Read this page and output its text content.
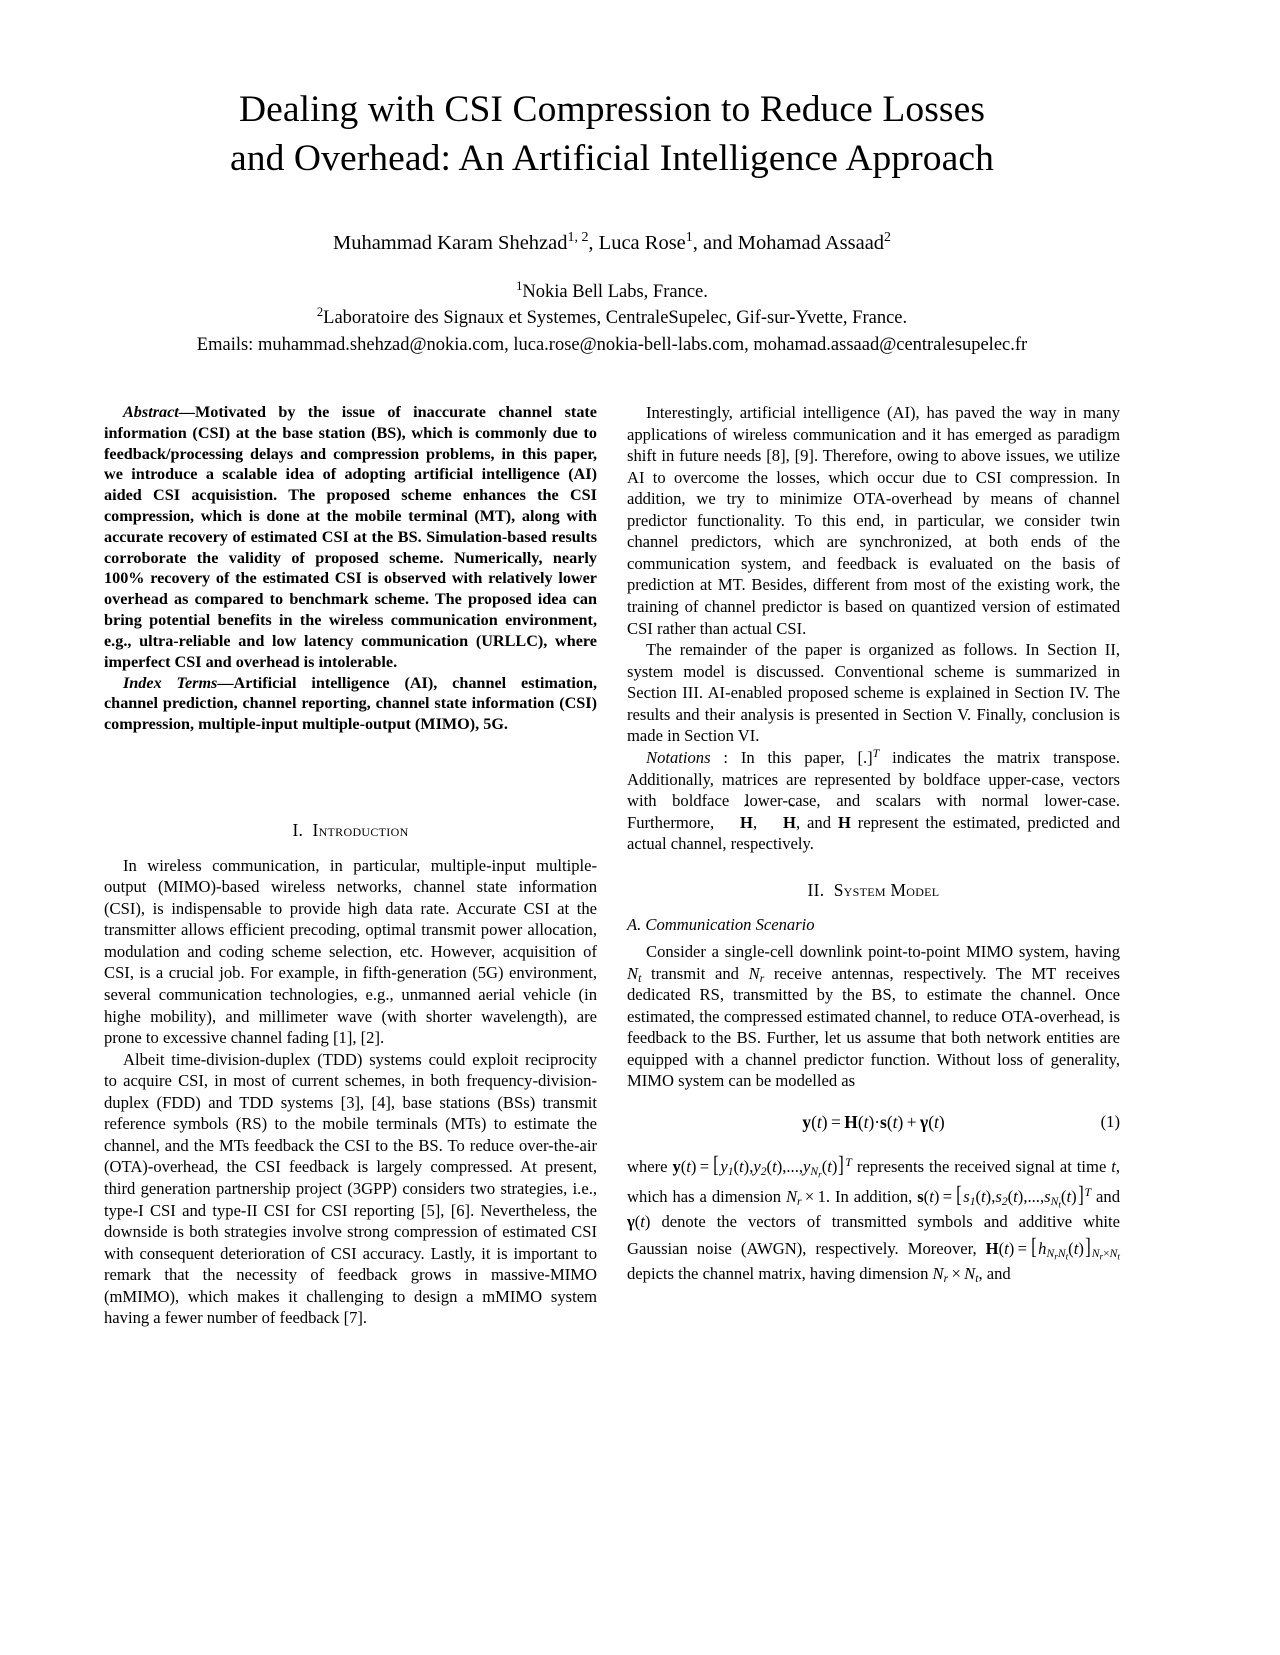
Dealing with CSI Compression to Reduce Losses
and Overhead: An Artificial Intelligence Approach
Muhammad Karam Shehzad$^{1, 2}$, Luca Rose$^1$, and Mohamad Assaad$^2$
$^1$Nokia Bell Labs, France.
$^2$Laboratoire des Signaux et Systemes, CentraleSupelec, Gif-sur-Yvette, France.
Emails: muhammad.shehzad@nokia.com, luca.rose@nokia-bell-labs.com, mohamad.assaad@centralesupelec.fr

Abstract—Motivated by the issue of inaccurate channel state information (CSI) at the base station (BS), which is commonly due to feedback/processing delays and compression problems, in this paper, we introduce a scalable idea of adopting artificial intelligence (AI) aided CSI acquisistion. The proposed scheme enhances the CSI compression, which is done at the mobile terminal (MT), along with accurate recovery of estimated CSI at the BS. Simulation-based results corroborate the validity of proposed scheme. Numerically, nearly 100% recovery of the estimated CSI is observed with relatively lower overhead as compared to benchmark scheme. The proposed idea can bring potential benefits in the wireless communication environment, e.g., ultra-reliable and low latency communication (URLLC), where imperfect CSI and overhead is intolerable.

Index Terms—Artificial intelligence (AI), channel estimation, channel prediction, channel reporting, channel state information (CSI) compression, multiple-input multiple-output (MIMO), 5G.

I. Introduction

In wireless communication, in particular, multiple-input multiple-output (MIMO)-based wireless networks, channel state information (CSI), is indispensable to provide high data rate. Accurate CSI at the transmitter allows efficient precoding, optimal transmit power allocation, modulation and coding scheme selection, etc. However, acquisition of CSI, is a crucial job. For example, in fifth-generation (5G) environment, several communication technologies, e.g., unmanned aerial vehicle (in highe mobility), and millimeter wave (with shorter wavelength), are prone to excessive channel fading [1], [2].

Albeit time-division-duplex (TDD) systems could exploit reciprocity to acquire CSI, in most of current schemes, in both frequency-division-duplex (FDD) and TDD systems [3], [4], base stations (BSs) transmit reference symbols (RS) to the mobile terminals (MTs) to estimate the channel, and the MTs feedback the CSI to the BS. To reduce over-the-air (OTA)-overhead, the CSI feedback is largely compressed. At present, third generation partnership project (3GPP) considers two strategies, i.e., type-I CSI and type-II CSI for CSI reporting [5], [6]. Nevertheless, the downside is both strategies involve strong compression of estimated CSI with consequent deterioration of CSI accuracy. Lastly, it is important to remark that the necessity of feedback grows in massive-MIMO (mMIMO), which makes it challenging to design a mMIMO system having a fewer number of feedback [7].

Interestingly, artificial intelligence (AI), has paved the way in many applications of wireless communication and it has emerged as paradigm shift in future needs [8], [9]. Therefore, owing to above issues, we utilize AI to overcome the losses, which occur due to CSI compression. In addition, we try to minimize OTA-overhead by means of channel predictor functionality. To this end, in particular, we consider twin channel predictors, which are synchronized, at both ends of the communication system, and feedback is evaluated on the basis of prediction at MT. Besides, different from most of the existing work, the training of channel predictor is based on quantized version of estimated CSI rather than actual CSI.

The remainder of the paper is organized as follows. In Section II, system model is discussed. Conventional scheme is summarized in Section III. AI-enabled proposed scheme is explained in Section IV. The results and their analysis is presented in Section V. Finally, conclusion is made in Section VI.

Notations : In this paper, [.]$^T$ indicates the matrix transpose. Additionally, matrices are represented by boldface upper-case, vectors with boldface lower-case, and scalars with normal lower-case. Furthermore,
H, H, and H represent the estimated, predicted and actual channel, respectively.

II. System Model
A. Communication Scenario

Consider a single-cell downlink point-to-point MIMO system, having $N_t$ transmit and $N_r$ receive antennas, respectively. The MT receives dedicated RS, transmitted by the BS, to estimate the channel. Once estimated, the compressed estimated channel, to reduce OTA-overhead, is feedback to the BS. Further, let us assume that both network entities are equipped with a channel predictor function. Without loss of generality, MIMO system can be modelled as

y(t)  =  H(t)·s(t)  +  γ(t)	(1)

where $y(t) = [y_1(t),y_2(t),...,y_{N_r}(t)]^T$ represents the received signal at time t, which has a dimension $N_r \times 1$. In addition, $s(t) = [s_1(t),s_2(t),...,s_{N_t}(t)]^T$ and γ(t) denote the vectors of transmitted symbols and additive white Gaussian noise (AWGN), respectively. Moreover, $H(t) = [h_{N_rN_t}(t)]_{N_r\times N_t}$ depicts the channel matrix, having dimension $N_r \times N_t$, and
